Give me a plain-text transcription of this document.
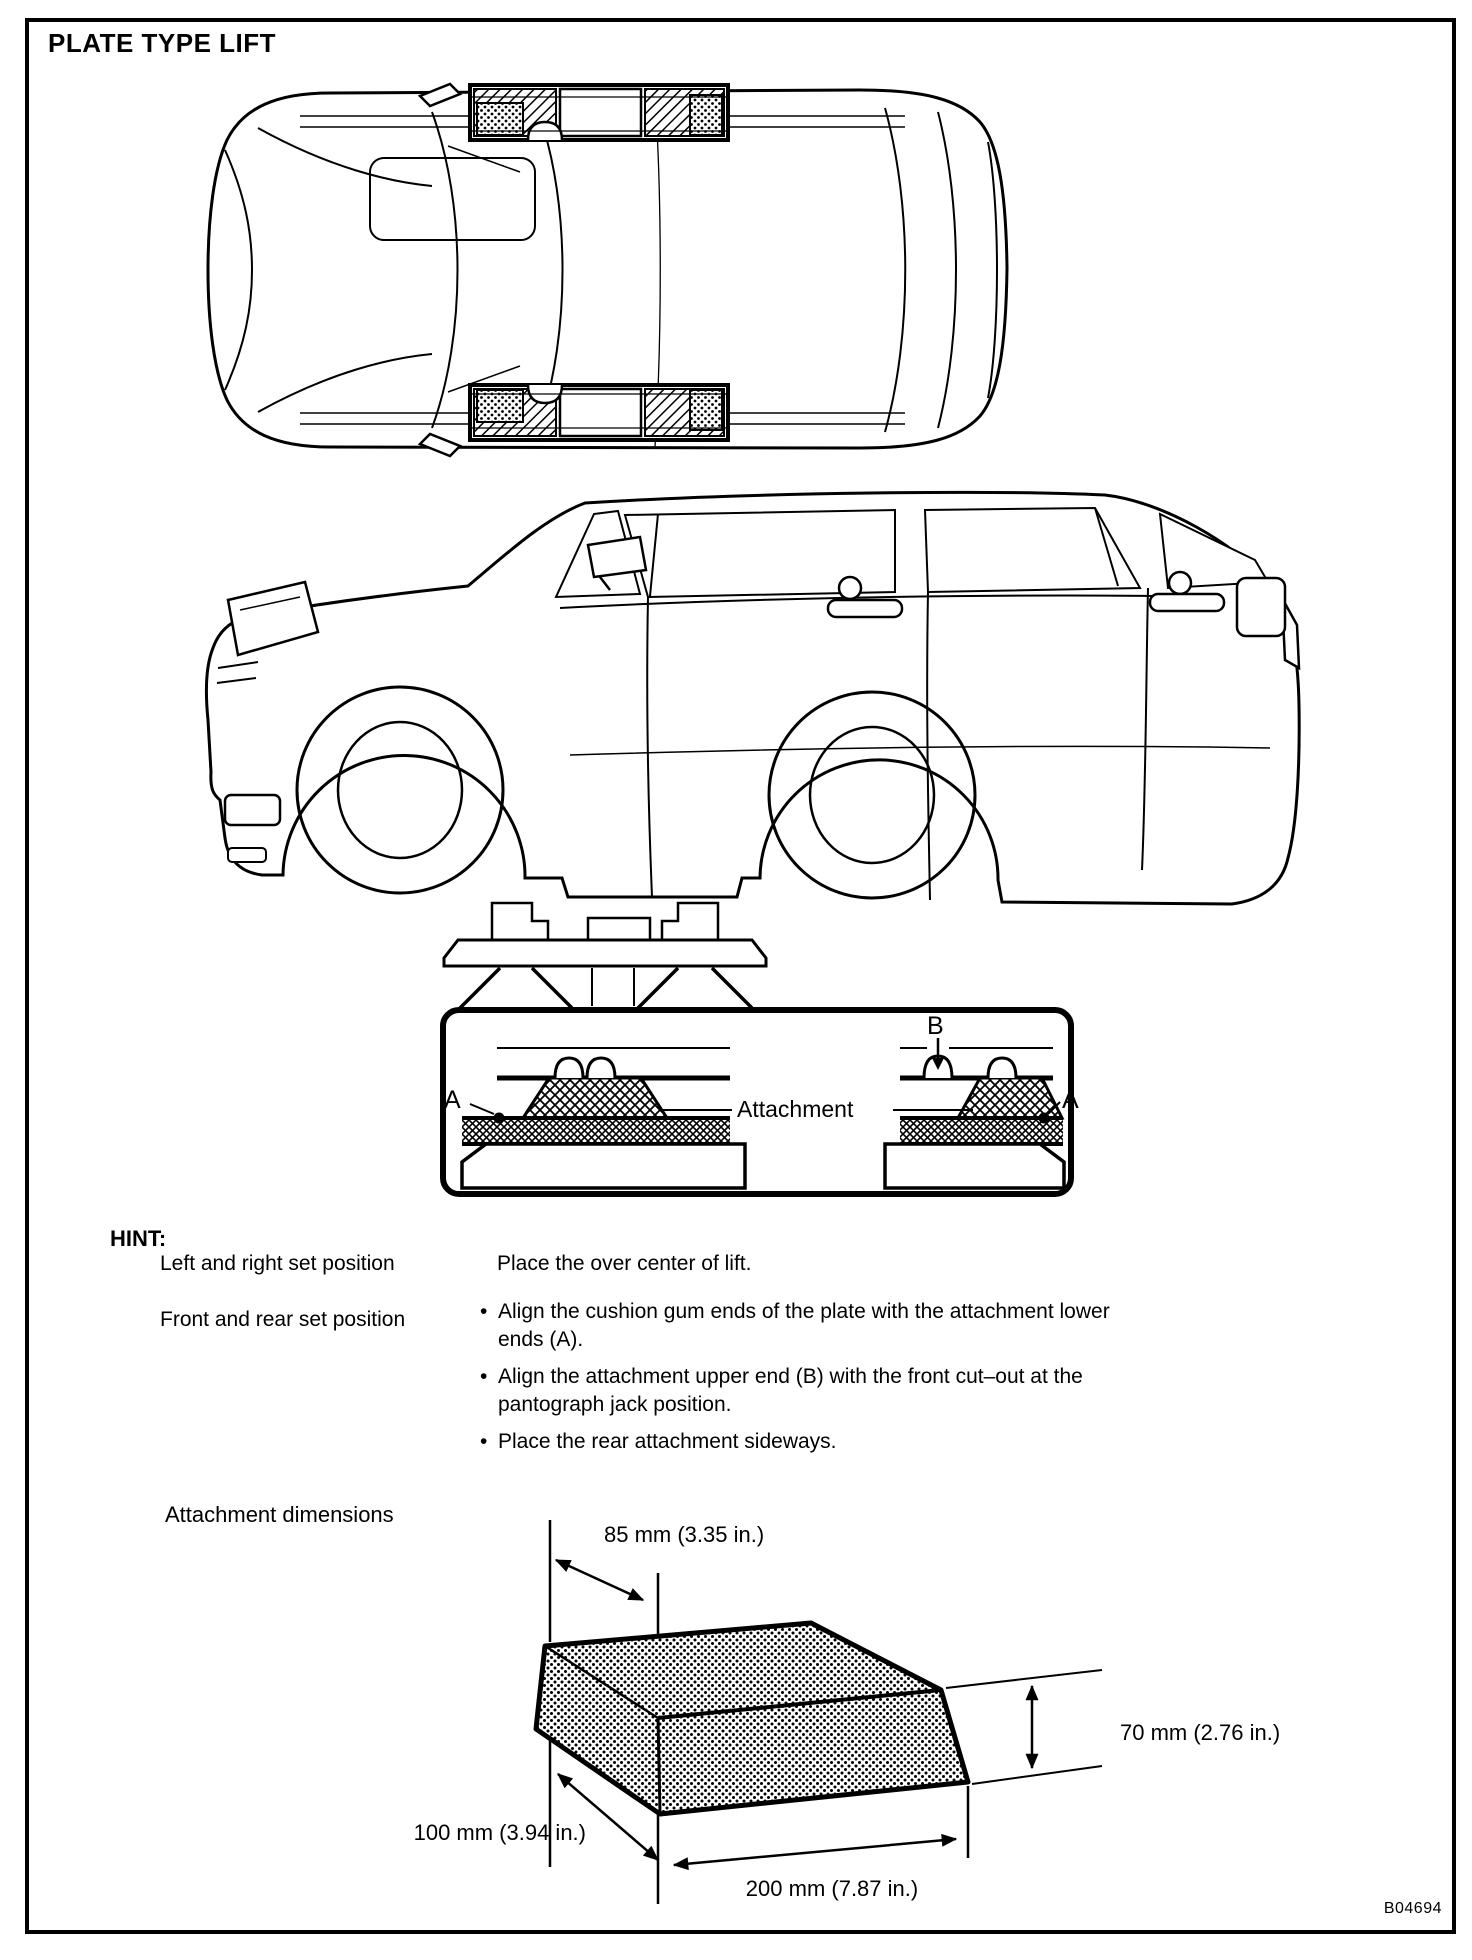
PLATE TYPE LIFT
A
B
A
Attachment
HINT:
Left and right set position	Place the over center of lift.
Front and rear set position •	Align the cushion gum ends of the plate with the attachment lower ends (A).
•
Align the attachment upper end (B) with the front cut–out at the pantograph jack position.
•
Place the rear attachment sideways.
Attachment dimensions
85 mm (3.35 in.)
70 mm (2.76 in.)
100 mm (3.94 in.)
200 mm (7.87 in.)
B04694
